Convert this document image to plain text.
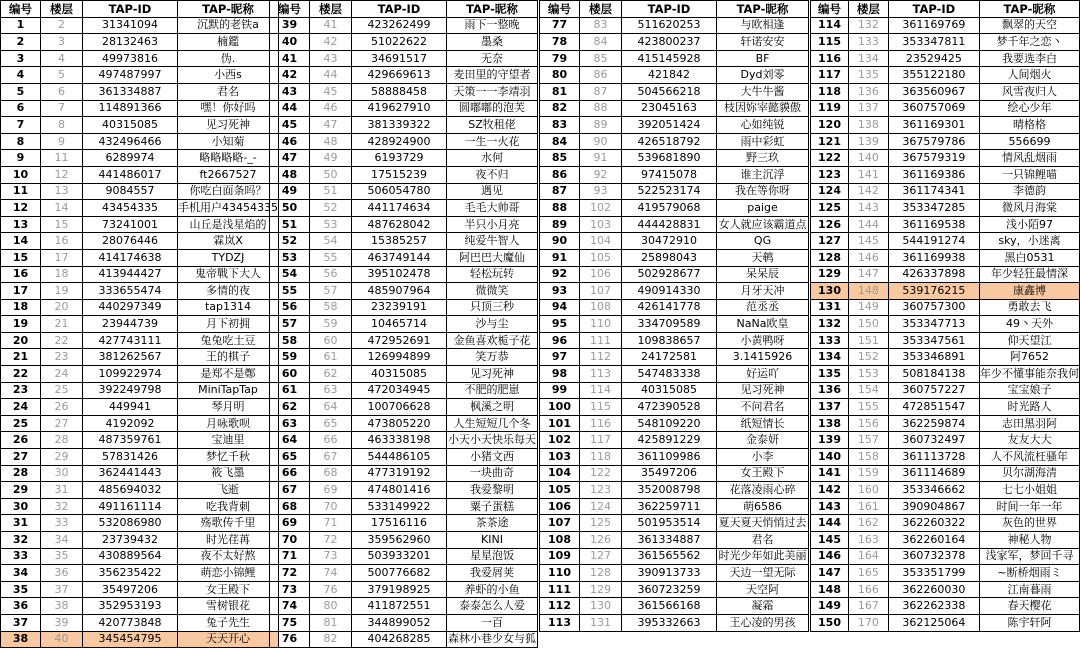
编号	楼层	TAP-ID	TAP-昵称
1	2	31341094	沉默的老铁a
2	3	28132463	楠鑑
3	4	49973816	伪.
4	5	497487997	小西s
5	6	361334887	君名
6	7	114891366	嘿！你好吗
7	8	40315085	见习死神
8	9	432496466	小知菊
9	11	6289974	略略略略-_-
10	12	441486017	ft2667527
11	13	9084557	你吃白面条吗？
12	14	43454335	手机用户43454335
13	15	73241001	山丘是浅星焰的
14	16	28076446	霖岚X
15	17	414174638	TYDZJ
16	18	413944427	鬼帝戰下大人
17	19	333655474	多情的夜
18	20	440297349	tap1314
19	21	23944739	月下初拥
20	22	427743111	兔兔吃土豆
21	23	381262567	王的棋子
22	24	109922974	是郑不是鄭
23	25	392249798	MiniTapTap
24	26	449941	琴月明
25	27	4192092	月咏歌呗
26	28	487359761	宝迪里
27	29	57831426	梦忆千秋
28	30	362441443	筱飞墨
29	31	485694032	飞逝
30	32	491161114	吃我背刺
31	33	532086980	殇歌传千里
32	34	23739432	时光荏苒
33	35	430889564	夜不太好熬
34	36	356235422	萌恋小锦鲤
35	37	35497206	女王殿下
36	38	352953193	雪树银花
37	39	420773848	兔子先生
38	40	345454795	天天开心
编号	楼层	TAP-ID	TAP-昵称
39	41	423262499	雨下一整晚
40	42	51022622	墨桑
41	43	34691517	无奈
42	44	429669613	麦田里的守望者
43	45	58888458	天策一一李靖羽
44	46	419627910	圆嘟嘟的泡芙
45	47	381339322	SZ牧租佬
46	48	428924900	一生一火花
47	49	6193729	水何
48	50	17515239	夜不归
49	51	506054780	遇见
50	52	441174634	毛毛大帅哥
51	53	487628042	半只小月亮
52	54	15385257	纯爱牛智人
53	55	463749144	阿巴巴大魔仙
54	56	395102478	轻松玩转
55	57	485907964	微微笑
56	58	23239191	只顶三秒
57	59	10465714	沙与尘
58	60	472952691	金鱼喜欢栀子花
59	61	126994899	笑万恭
60	62	40315085	见习死神
61	63	472034945	不肥的肥崽
62	64	100706628	枫溪之明
63	65	473805220	人生短短几个冬
64	66	463338198	小天小天快乐每天
65	67	544486105	小猪文西
66	68	477319192	一块曲奇
67	69	474801416	我爱黎明
68	70	533149922	粟子蛋糕
69	71	17516116	茶茶途
70	72	359562960	KINI
71	73	503933201	星星泡饭
72	74	500776682	我爱屑荚
73	76	379198925	养虾的小鱼
74	80	411872551	泰泰怎么人爱
75	81	344899052	一百
76	82	404268285	森林小巷少女与狐
编号	楼层	TAP-ID	TAP-昵称
77	83	511620253	与欧相逢
78	84	423800237	轩诺安安
79	85	415145928	BF
80	86	421842	Dyd刘零
81	87	504566218	大牛牛酱
82	88	23045163	枝因妳宰懿貘傲
83	89	392051424	心如纯锐
84	90	426518792	雨中彩虹
85	91	539681890	野三玖
86	92	97415078	谁主沉浮
87	93	522523174	我在等你呀
88	102	419579068	paige
89	103	444428831	女人就应该霸道点
90	104	30472910	QG
91	105	25898043	天鹌
92	106	502928677	呆呆辰
93	107	490914330	月牙天冲
94	108	426141778	范丞丞
95	110	334709589	NaNa欧皇
96	111	109838657	小黄鸭呀
97	112	24172581	3.1415926
98	113	547483338	好运吖
99	114	40315085	见习死神
100	115	472390528	不问君名
101	116	548109220	纸短情长
102	117	425891229	金泰妍
103	118	361109986	小李
104	122	35497206	女王殿下
105	123	352008798	花落凌雨心碎
106	124	362259711	萌6586
107	125	501953514	夏天夏天悄悄过去
108	126	361334887	君名
109	127	361565562	时光少年如此美丽
110	128	390913733	天边一望无际
111	129	360723259	天空阿
112	130	361566168	凝霜
113	131	395332663	王心凌的男孩
编号	楼层	TAP-ID	TAP-昵称
114	132	361169769	飘翠的天空
115	133	353347811	梦千年之恋丶
116	134	23529425	我要选李白
117	135	355122180	人间烟火
118	136	363560967	风雪夜归人
119	137	360757069	绘心少年
120	138	361169301	晴格格
121	139	367579786	556699
122	140	367579319	情风乱烟雨
123	141	361169386	一只锦鲤喵
124	142	361174341	李德韵
125	143	353347285	微风月海棠
126	144	361169538	浅小陌97
127	145	544191274	sky，小迷离
128	146	361169938	黑白0531
129	147	426337898	年少轻狂最情深
130	148	539176215	康鑫博
131	149	360757300	勇敢去飞
132	150	353347713	49丶天外
133	151	353347561	仰天望江
134	152	353346891	阿7652
135	153	508184138	年少不懂事能奈我何
136	154	360757227	宝宝娘子
137	155	472851547	时光路人
138	156	362259874	志田黑羽阿
139	157	360732497	友友大大
140	158	361113728	人不风流枉骚年
141	159	361114689	贝尔湖海清
142	160	353346662	七七小姐姐
143	161	390904867	时间一年一年
144	162	362260322	灰色的世界
145	163	362260164	神秘人物
146	164	360732378	浅家军，梦回千寻
147	165	353351799	~断桥烟雨ミ
148	166	362260030	江南暮雨
149	167	362262338	春天樱花
150	170	362125064	陈宇轩阿
